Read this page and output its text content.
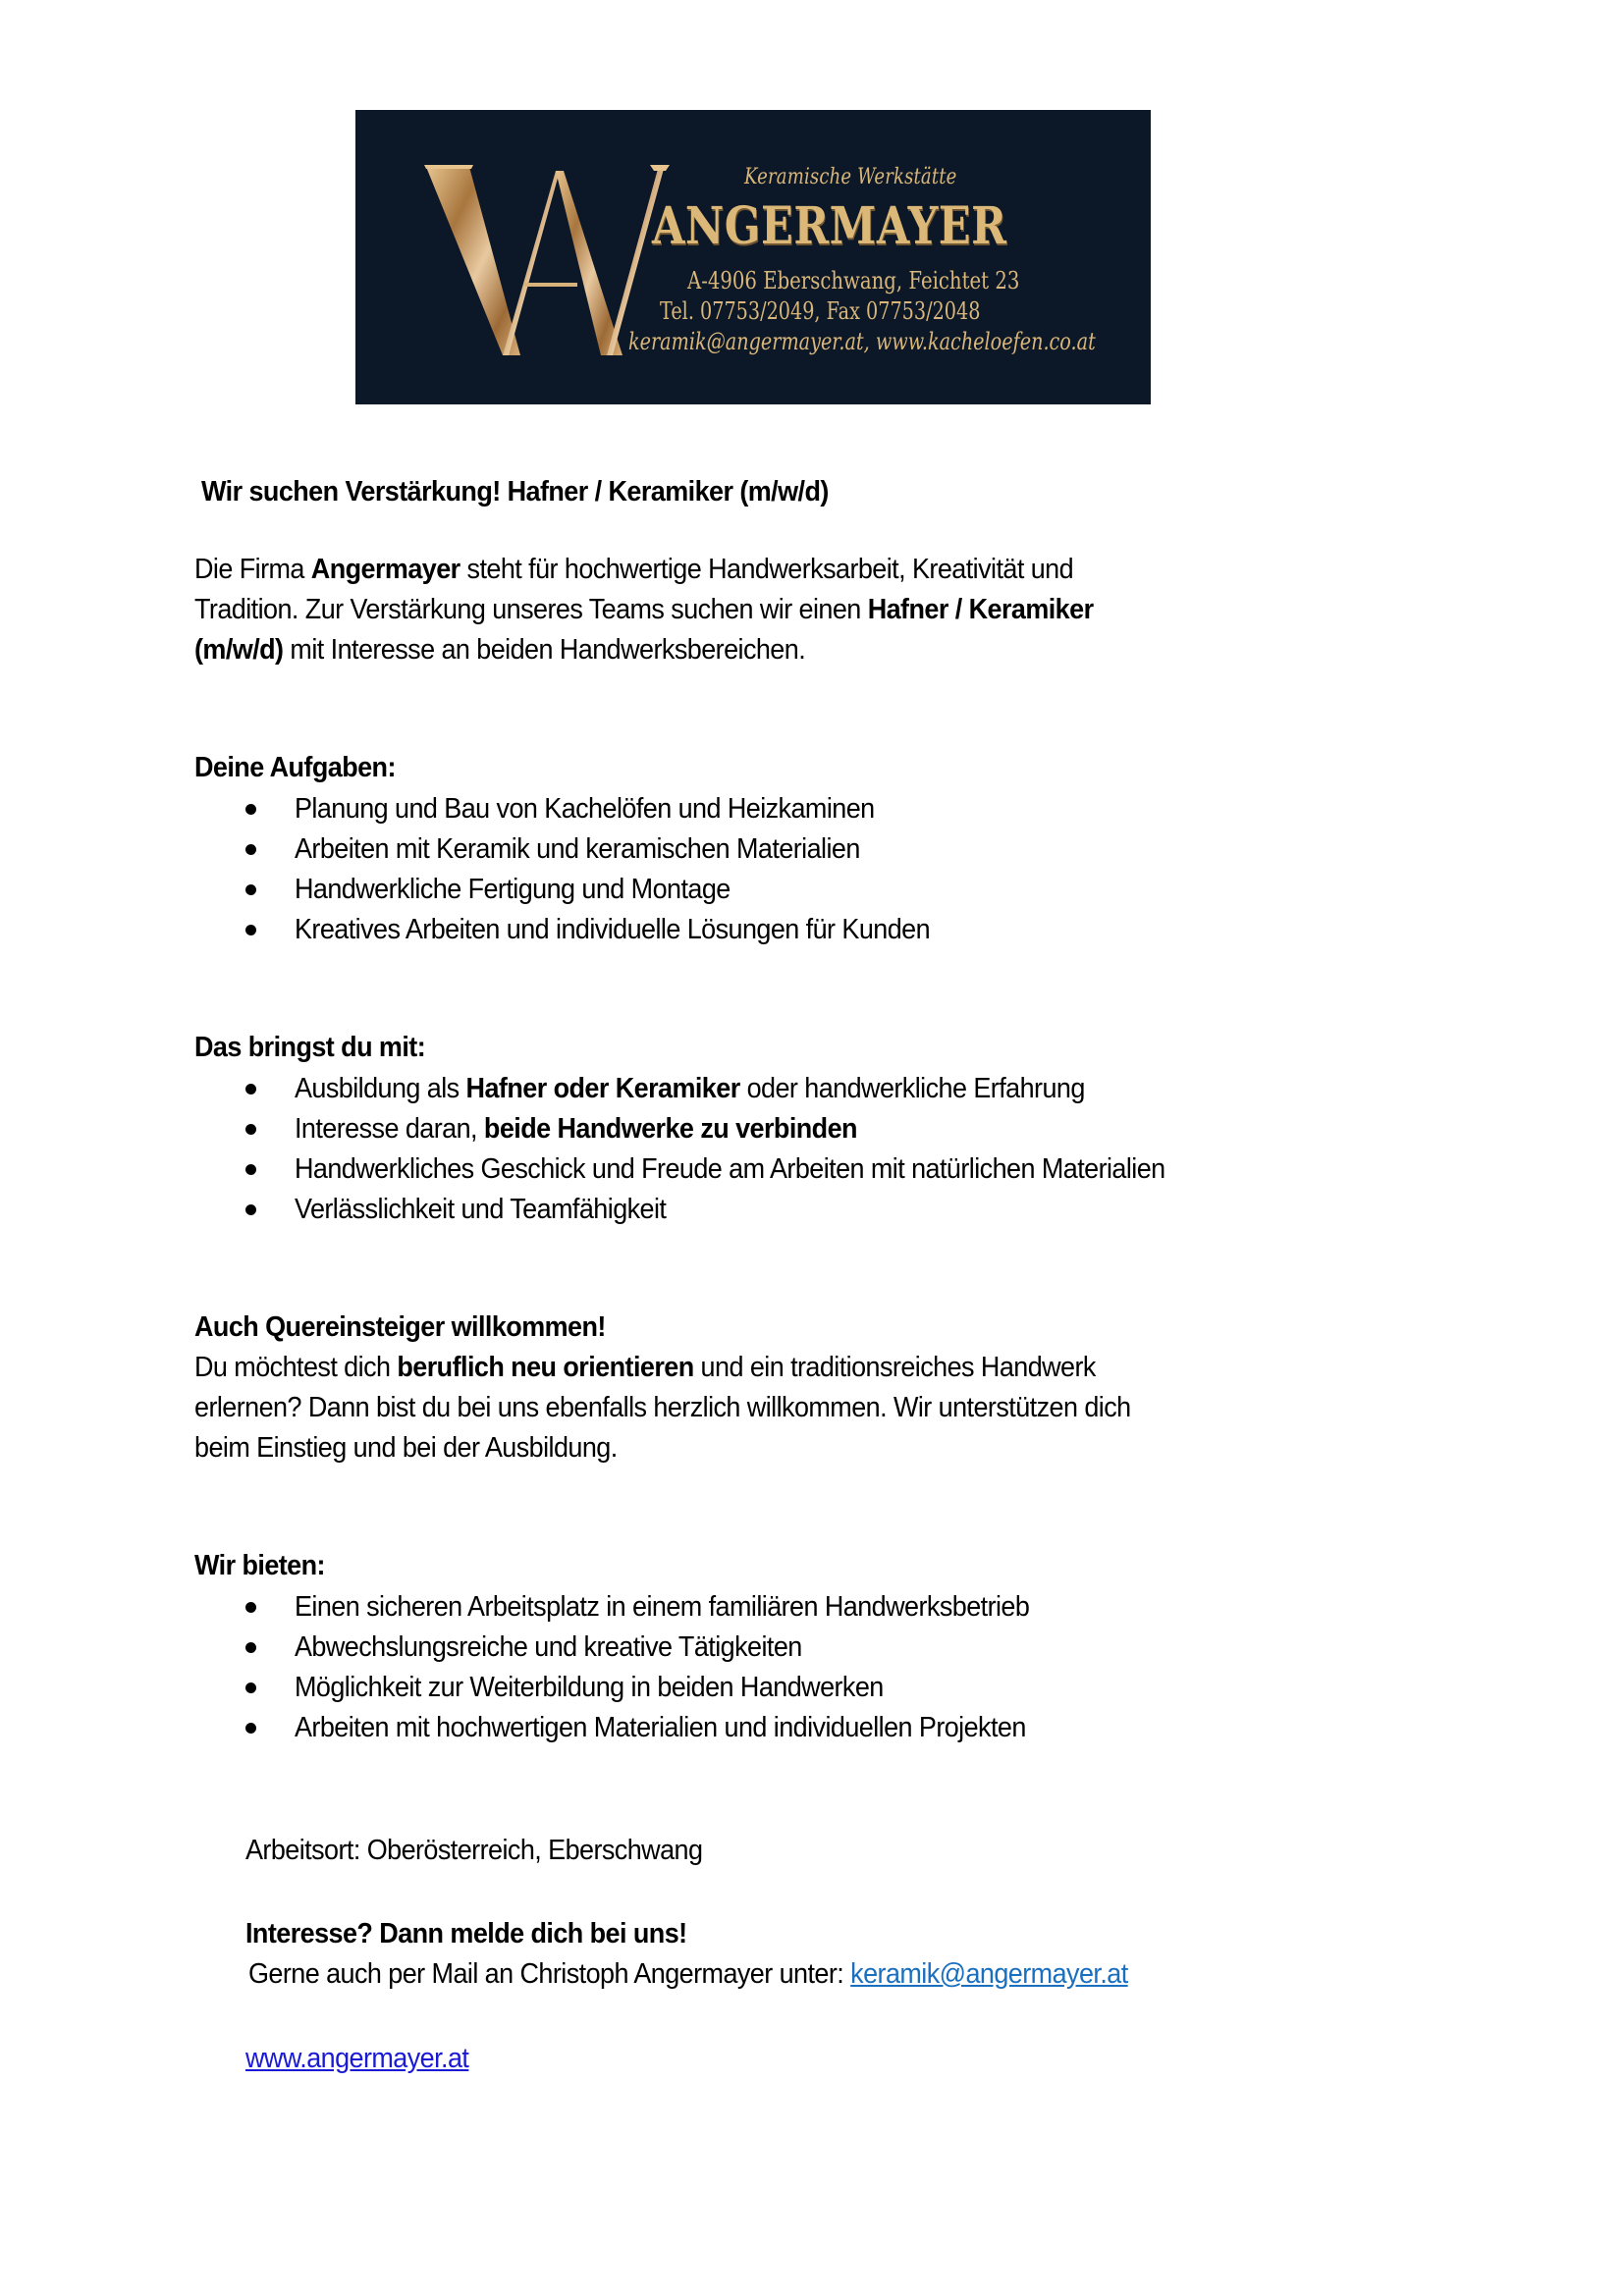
Keramische Werkstätte
ANGERMAYER
A-4906 Eberschwang, Feichtet 23
Tel. 07753/2049, Fax 07753/2048
keramik@angermayer.at, www.kacheloefen.co.at
Wir suchen Verstärkung! Hafner / Keramiker (m/w/d)
Die Firma Angermayer steht für hochwertige Handwerksarbeit, Kreativität und
Tradition. Zur Verstärkung unseres Teams suchen wir einen Hafner / Keramiker
(m/w/d) mit Interesse an beiden Handwerksbereichen.
Deine Aufgaben:
Planung und Bau von Kachelöfen und Heizkaminen
Arbeiten mit Keramik und keramischen Materialien
Handwerkliche Fertigung und Montage
Kreatives Arbeiten und individuelle Lösungen für Kunden
Das bringst du mit:
Ausbildung als Hafner oder Keramiker oder handwerkliche Erfahrung
Interesse daran, beide Handwerke zu verbinden
Handwerkliches Geschick und Freude am Arbeiten mit natürlichen Materialien
Verlässlichkeit und Teamfähigkeit
Auch Quereinsteiger willkommen!
Du möchtest dich beruflich neu orientieren und ein traditionsreiches Handwerk
erlernen? Dann bist du bei uns ebenfalls herzlich willkommen. Wir unterstützen dich
beim Einstieg und bei der Ausbildung.
Wir bieten:
Einen sicheren Arbeitsplatz in einem familiären Handwerksbetrieb
Abwechslungsreiche und kreative Tätigkeiten
Möglichkeit zur Weiterbildung in beiden Handwerken
Arbeiten mit hochwertigen Materialien und individuellen Projekten
Arbeitsort: Oberösterreich, Eberschwang
Interesse? Dann melde dich bei uns!
Gerne auch per Mail an Christoph Angermayer unter: keramik@angermayer.at
www.angermayer.at
